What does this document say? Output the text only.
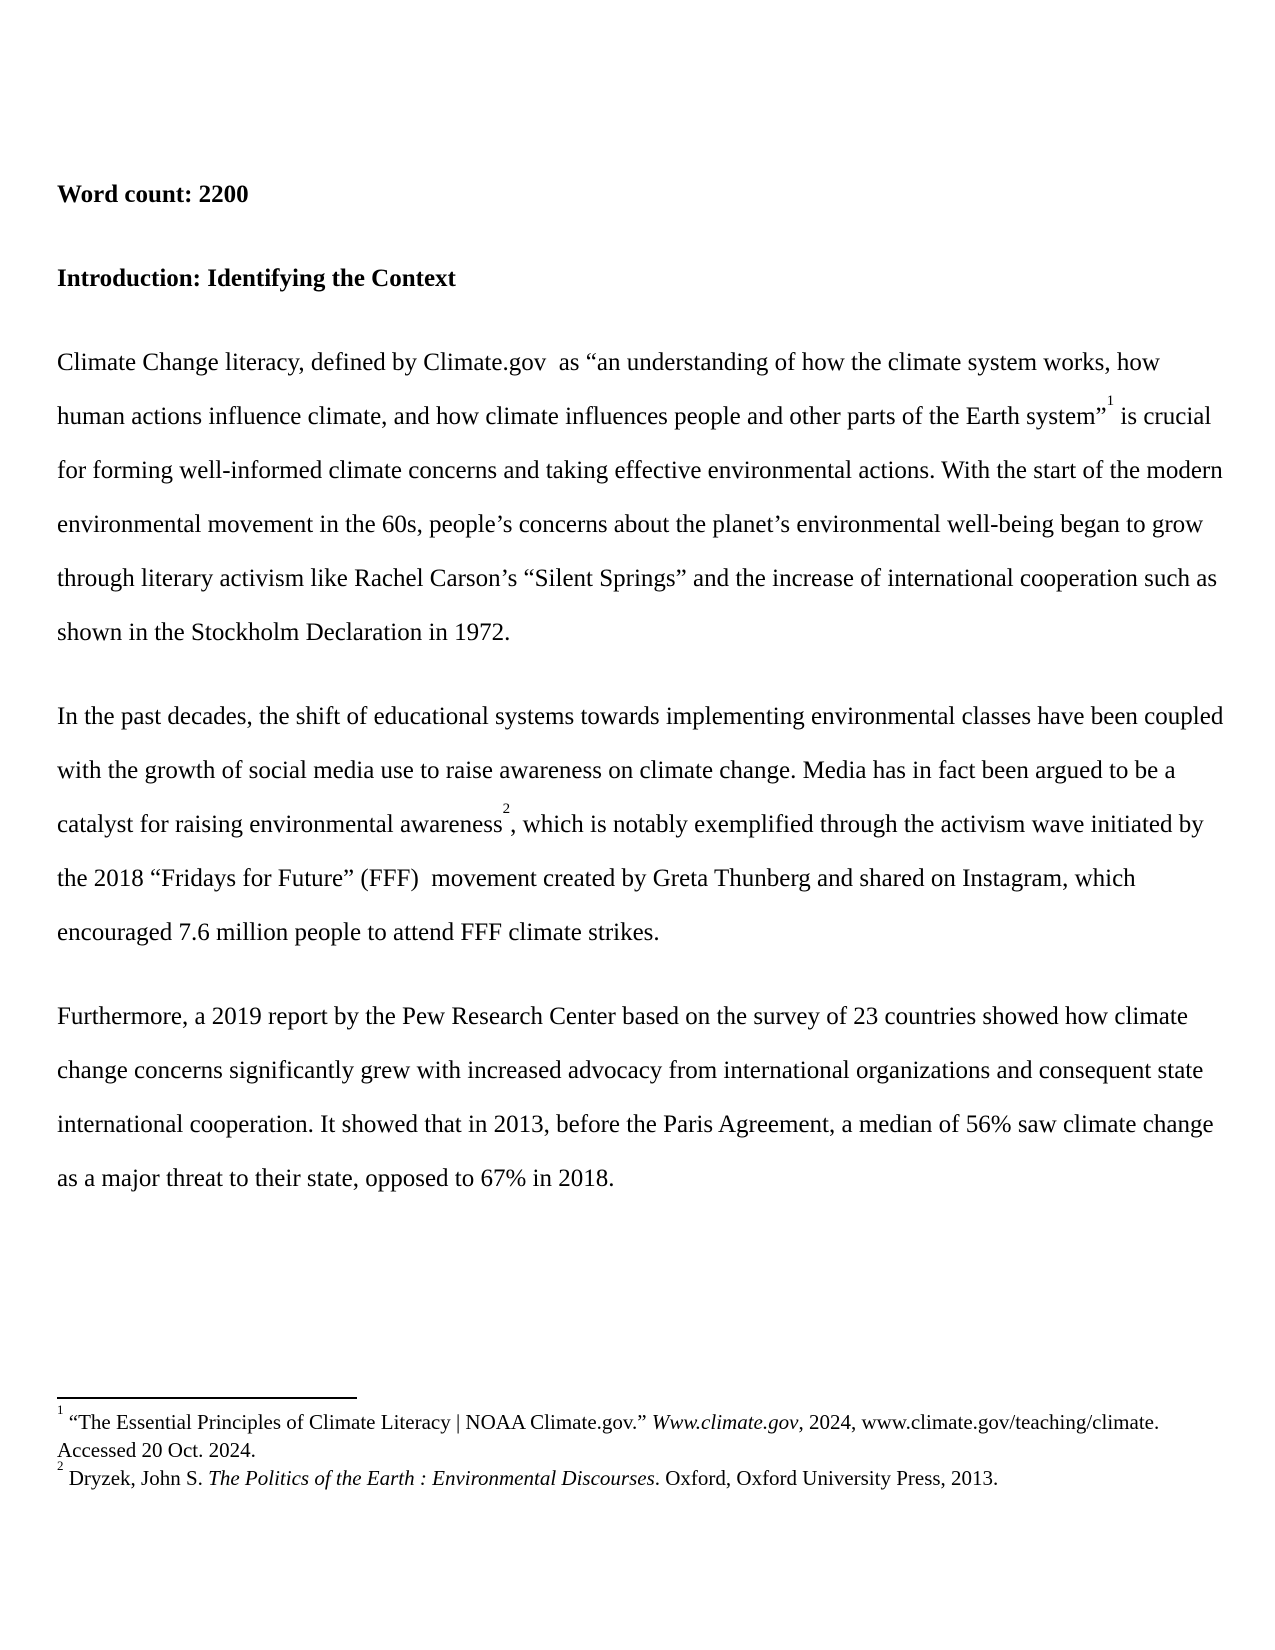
Word count: 2200

Introduction: Identifying the Context

Climate Change literacy, defined by Climate.gov  as “an understanding of how the climate system works, how human actions influence climate, and how climate influences people and other parts of the Earth system”$^1$ is crucial for forming well-informed climate concerns and taking effective environmental actions. With the start of the modern environmental movement in the 60s, people’s concerns about the planet’s environmental well-being began to grow through literary activism like Rachel Carson’s “Silent Springs” and the increase of international cooperation such as shown in the Stockholm Declaration in 1972.

In the past decades, the shift of educational systems towards implementing environmental classes have been coupled with the growth of social media use to raise awareness on climate change. Media has in fact been argued to be a catalyst for raising environmental awareness$^2$, which is notably exemplified through the activism wave initiated by the 2018 “Fridays for Future” (FFF)  movement created by Greta Thunberg and shared on Instagram, which encouraged 7.6 million people to attend FFF climate strikes.

Furthermore, a 2019 report by the Pew Research Center based on the survey of 23 countries showed how climate change concerns significantly grew with increased advocacy from international organizations and consequent state international cooperation. It showed that in 2013, before the Paris Agreement, a median of 56% saw climate change as a major threat to their state, opposed to 67% in 2018.

$^1$ “The Essential Principles of Climate Literacy | NOAA Climate.gov.” Www.climate.gov, 2024, www.climate.gov/teaching/climate. Accessed 20 Oct. 2024.

$^2$ Dryzek, John S. The Politics of the Earth : Environmental Discourses. Oxford, Oxford University Press, 2013.
